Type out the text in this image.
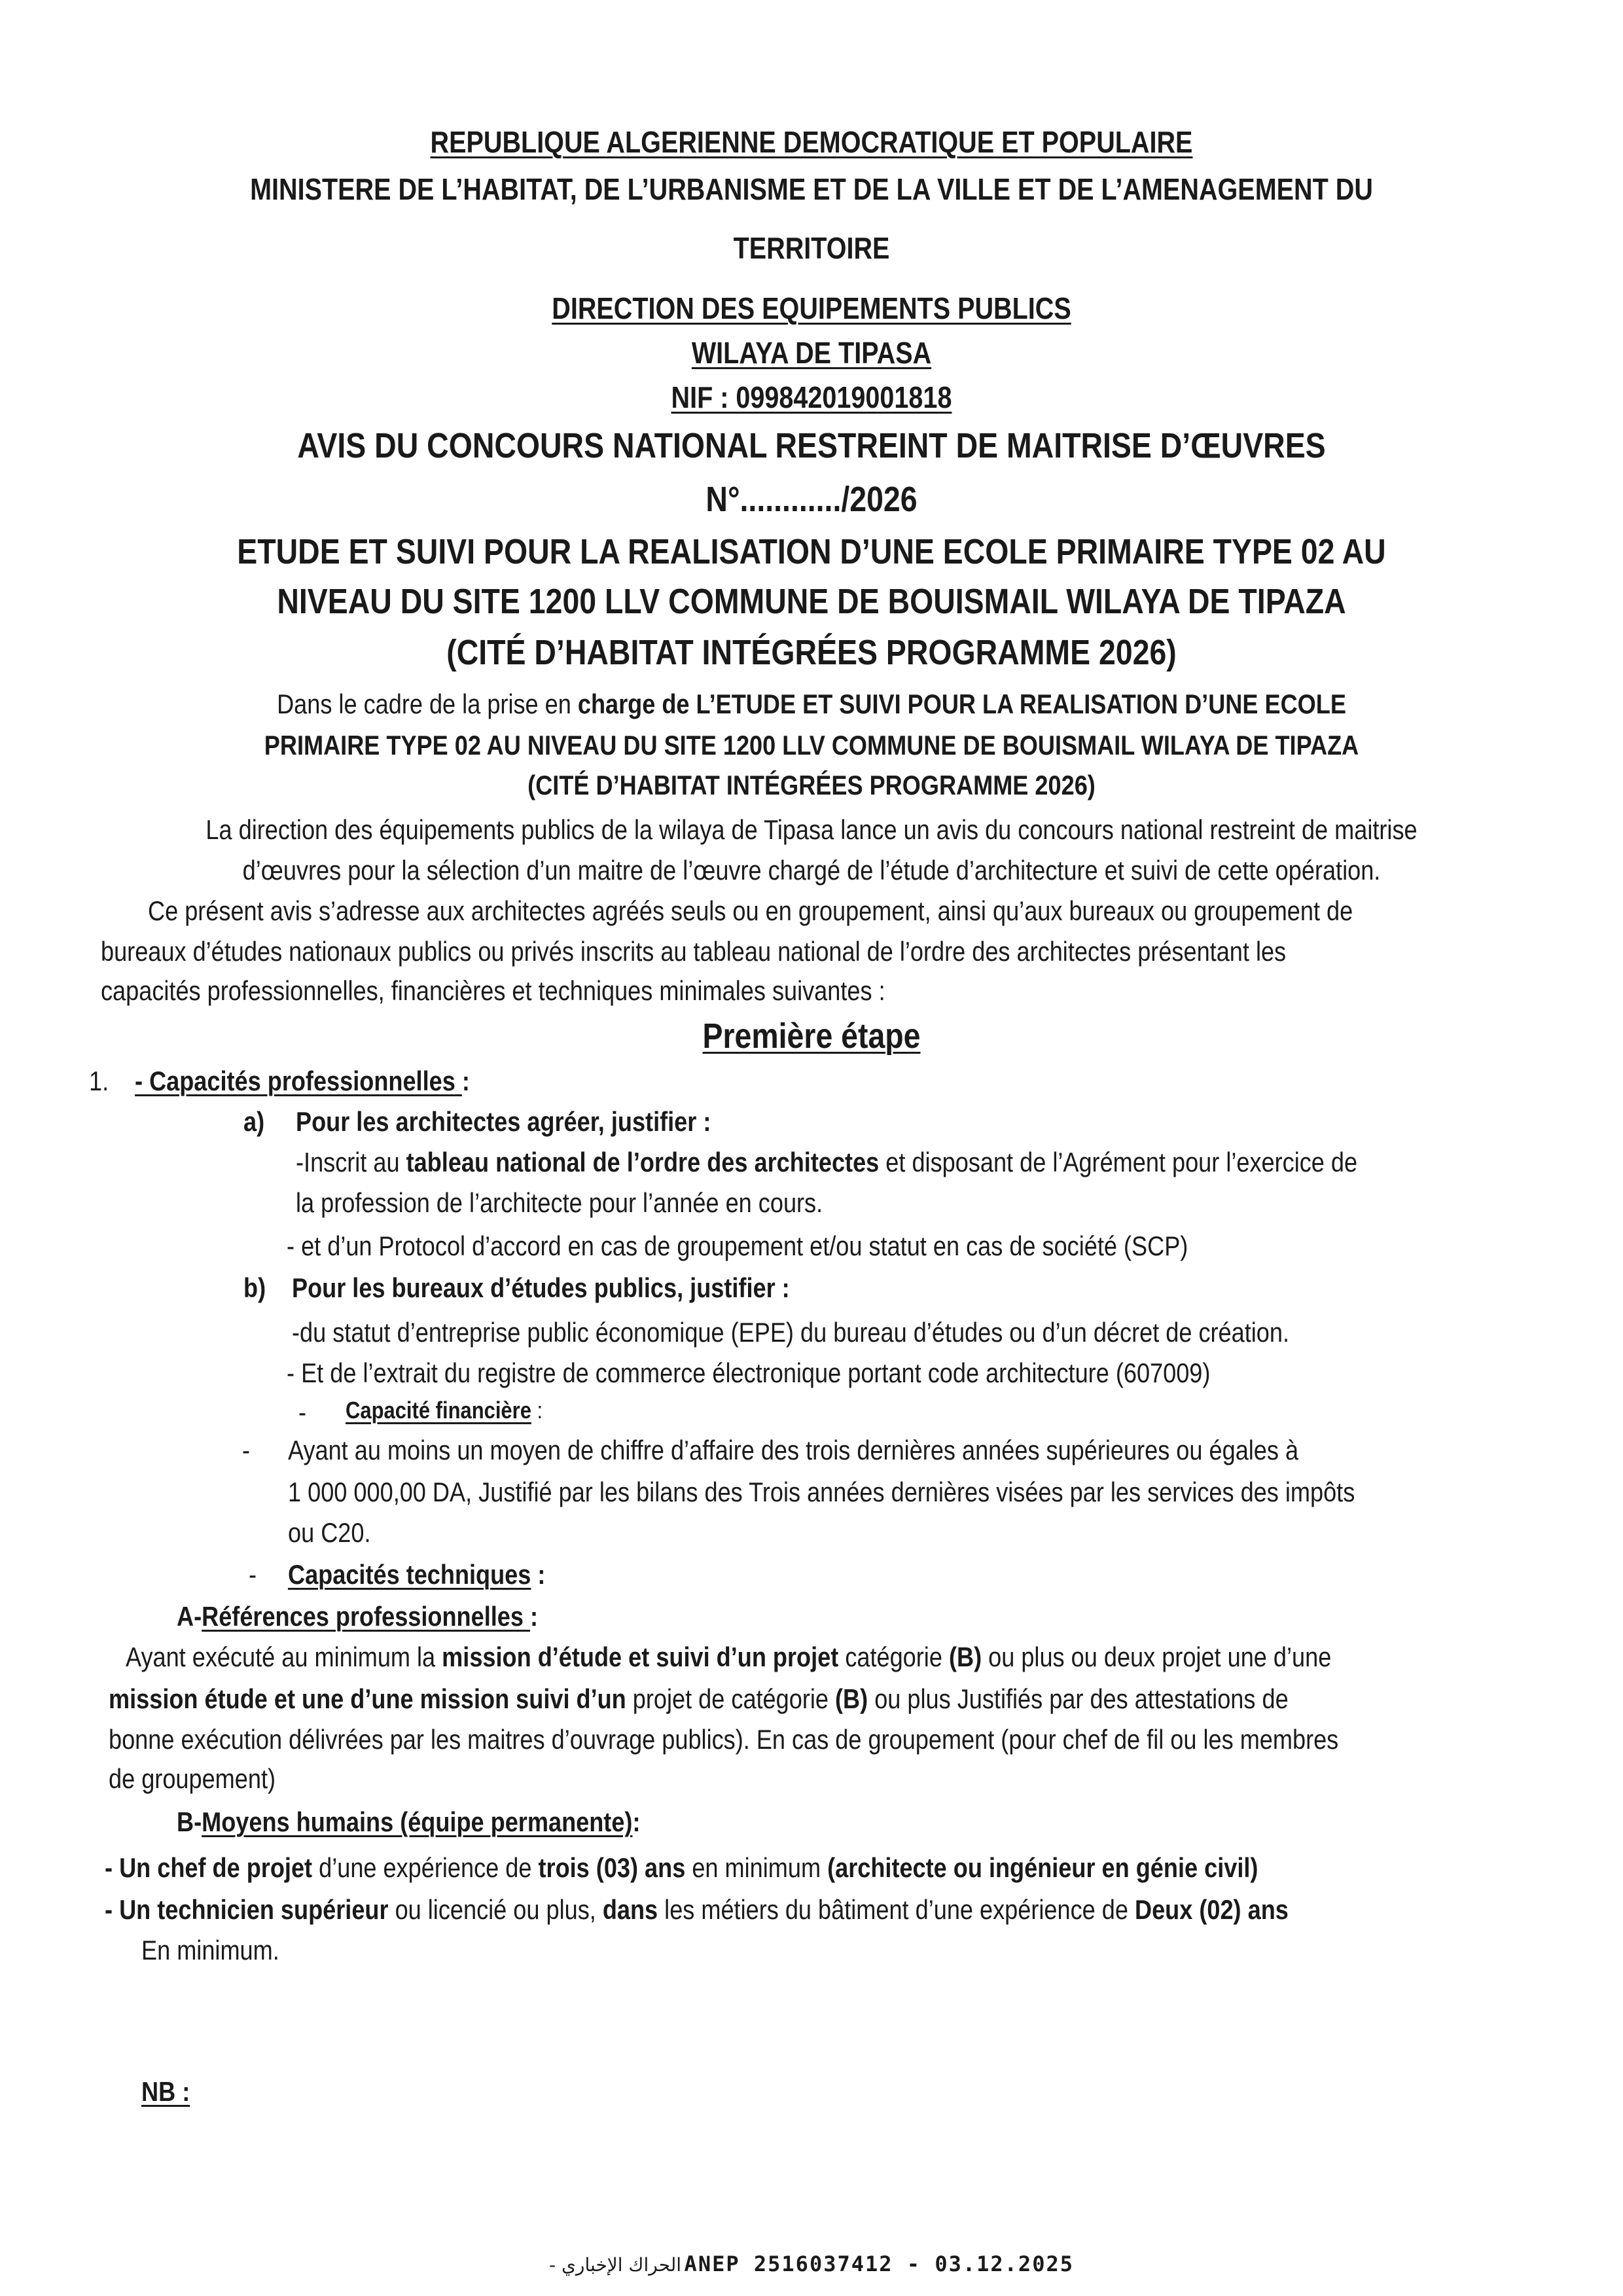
REPUBLIQUE ALGERIENNE DEMOCRATIQUE ET POPULAIRE
MINISTERE DE L’HABITAT, DE L’URBANISME ET DE LA VILLE ET DE L’AMENAGEMENT DU
TERRITOIRE
DIRECTION DES EQUIPEMENTS PUBLICS
WILAYA DE TIPASA
NIF : 099842019001818
AVIS DU CONCOURS NATIONAL RESTREINT DE MAITRISE D’ŒUVRES
N°............/2026
ETUDE ET SUIVI POUR LA REALISATION D’UNE ECOLE PRIMAIRE TYPE 02 AU
NIVEAU DU SITE 1200 LLV COMMUNE DE BOUISMAIL WILAYA DE TIPAZA
(CITÉ D’HABITAT INTÉGRÉES PROGRAMME 2026)
Dans le cadre de la prise en charge de L’ETUDE ET SUIVI POUR LA REALISATION D’UNE ECOLE
PRIMAIRE TYPE 02 AU NIVEAU DU SITE 1200 LLV COMMUNE DE BOUISMAIL WILAYA DE TIPAZA
(CITÉ D’HABITAT INTÉGRÉES PROGRAMME 2026)
La direction des équipements publics de la wilaya de Tipasa lance un avis du concours national restreint de maitrise
d’œuvres pour la sélection d’un maitre de l’œuvre chargé de l’étude d’architecture et suivi de cette opération.
Ce présent avis s’adresse aux architectes agréés seuls ou en groupement, ainsi qu’aux bureaux ou groupement de
bureaux d’études nationaux publics ou privés inscrits au tableau national de l’ordre des architectes présentant les
capacités professionnelles, financières et techniques minimales suivantes :
Première étape
1. - Capacités professionnelles :
a) Pour les architectes agréer, justifier :
-Inscrit au tableau national de l’ordre des architectes et disposant de l’Agrément pour l’exercice de
la profession de l’architecte pour l’année en cours.
- et d’un Protocol d’accord en cas de groupement et/ou statut en cas de société (SCP)
b) Pour les bureaux d’études publics, justifier :
-du statut d’entreprise public économique (EPE) du bureau d’études ou d’un décret de création.
- Et de l’extrait du registre de commerce électronique portant code architecture (607009)
- Capacité financière :
- Ayant au moins un moyen de chiffre d’affaire des trois dernières années supérieures ou égales à
1 000 000,00 DA, Justifié par les bilans des Trois années dernières visées par les services des impôts
ou C20.
- Capacités techniques :
A-Références professionnelles :
Ayant exécuté au minimum la mission d’étude et suivi d’un projet catégorie (B) ou plus ou deux projet une d’une
mission étude et une d’une mission suivi d’un projet de catégorie (B) ou plus Justifiés par des attestations de
bonne exécution délivrées par les maitres d’ouvrage publics). En cas de groupement (pour chef de fil ou les membres
de groupement)
B-Moyens humains (équipe permanente):
- Un chef de projet d’une expérience de trois (03) ans en minimum (architecte ou ingénieur en génie civil)
- Un technicien supérieur ou licencié ou plus, dans les métiers du bâtiment d’une expérience de Deux (02) ans
En minimum.
NB :
الحراك الإخباري - ANEP 2516037412 - 03.12.2025
